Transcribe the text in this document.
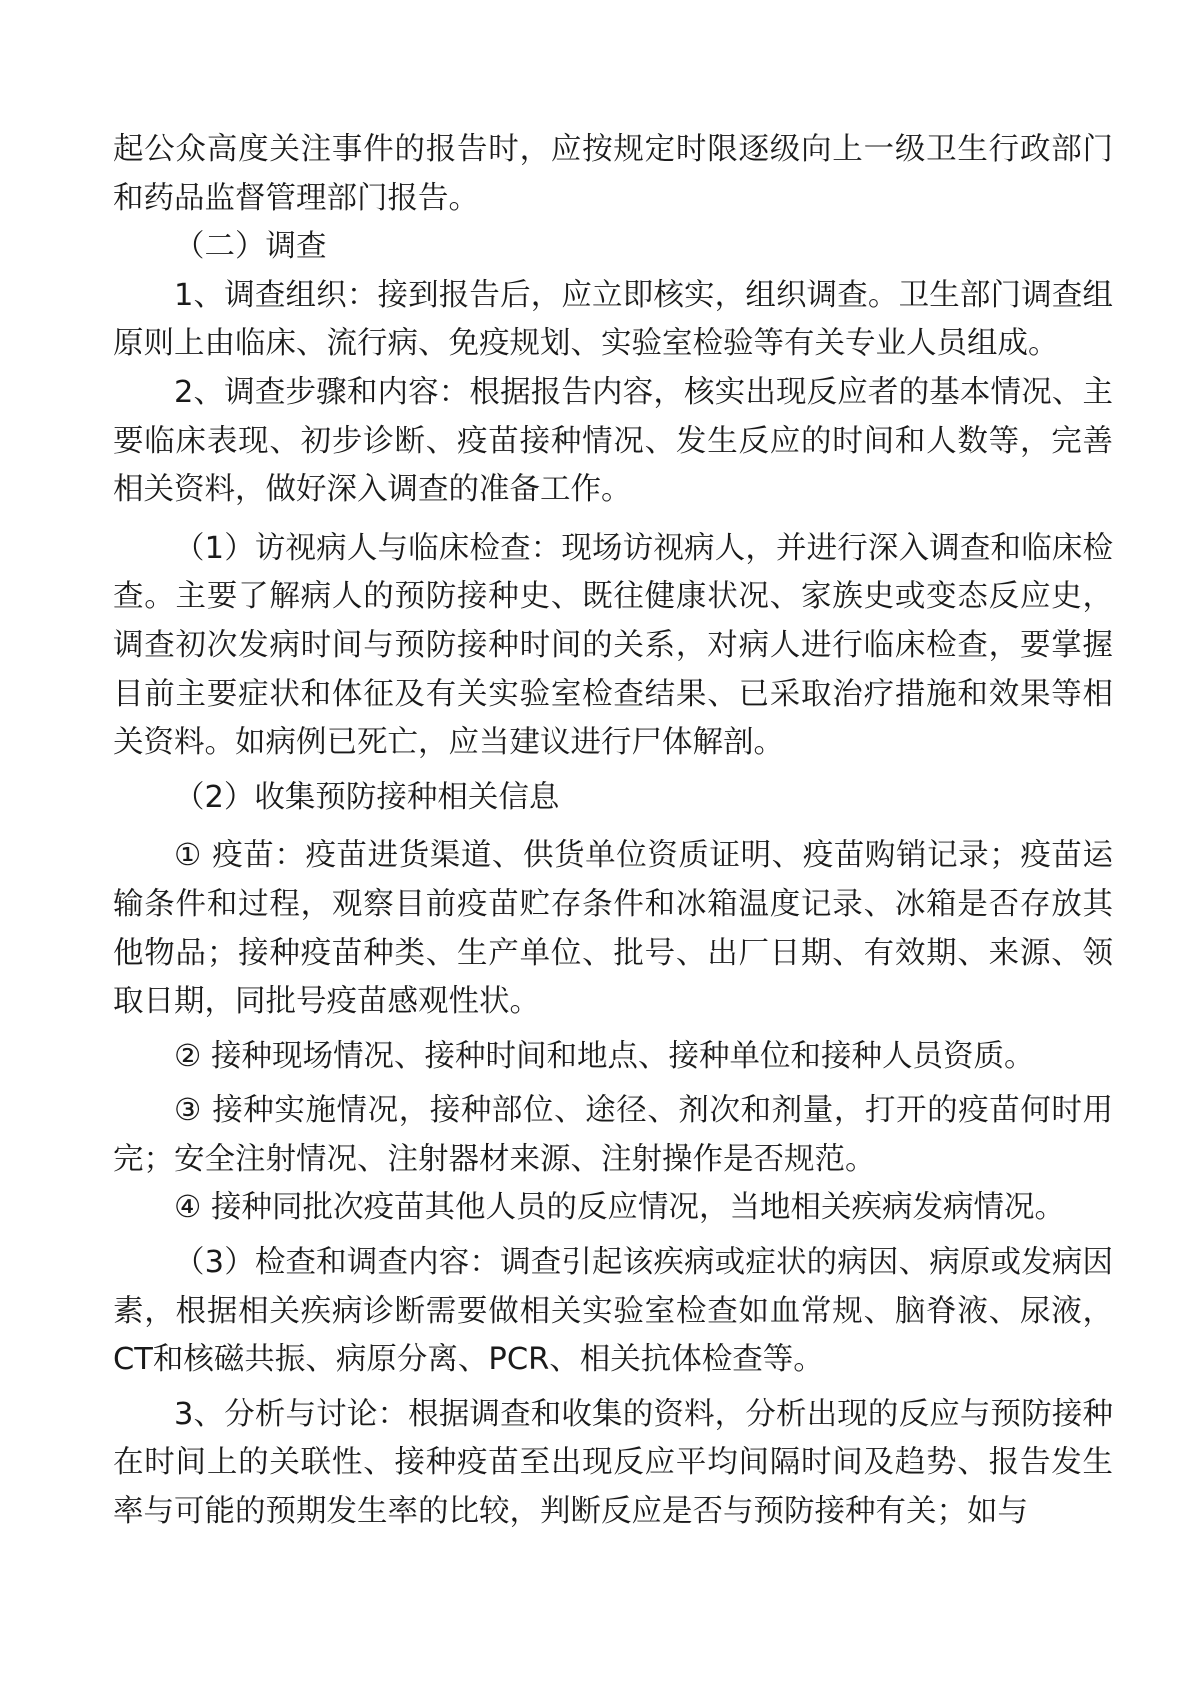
起公众高度关注事件的报告时，应按规定时限逐级向上一级卫生行政部门和药品监督管理部门报告。

（二）调查

1、调查组织：接到报告后，应立即核实，组织调查。卫生部门调查组原则上由临床、流行病、免疫规划、实验室检验等有关专业人员组成。

2、调查步骤和内容：根据报告内容，核实出现反应者的基本情况、主要临床表现、初步诊断、疫苗接种情况、发生反应的时间和人数等，完善相关资料，做好深入调查的准备工作。

（1）访视病人与临床检查：现场访视病人，并进行深入调查和临床检查。主要了解病人的预防接种史、既往健康状况、家族史或变态反应史，调查初次发病时间与预防接种时间的关系，对病人进行临床检查，要掌握目前主要症状和体征及有关实验室检查结果、已采取治疗措施和效果等相关资料。如病例已死亡，应当建议进行尸体解剖。

（2）收集预防接种相关信息

① 疫苗：疫苗进货渠道、供货单位资质证明、疫苗购销记录；疫苗运输条件和过程，观察目前疫苗贮存条件和冰箱温度记录、冰箱是否存放其他物品；接种疫苗种类、生产单位、批号、出厂日期、有效期、来源、领取日期，同批号疫苗感观性状。

② 接种现场情况、接种时间和地点、接种单位和接种人员资质。

③ 接种实施情况，接种部位、途径、剂次和剂量，打开的疫苗何时用完；安全注射情况、注射器材来源、注射操作是否规范。

④ 接种同批次疫苗其他人员的反应情况，当地相关疾病发病情况。

（3）检查和调查内容：调查引起该疾病或症状的病因、病原或发病因素，根据相关疾病诊断需要做相关实验室检查如血常规、脑脊液、尿液，CT和核磁共振、病原分离、PCR、相关抗体检查等。

3、分析与讨论：根据调查和收集的资料，分析出现的反应与预防接种在时间上的关联性、接种疫苗至出现反应平均间隔时间及趋势、报告发生率与可能的预期发生率的比较，判断反应是否与预防接种有关；如与
